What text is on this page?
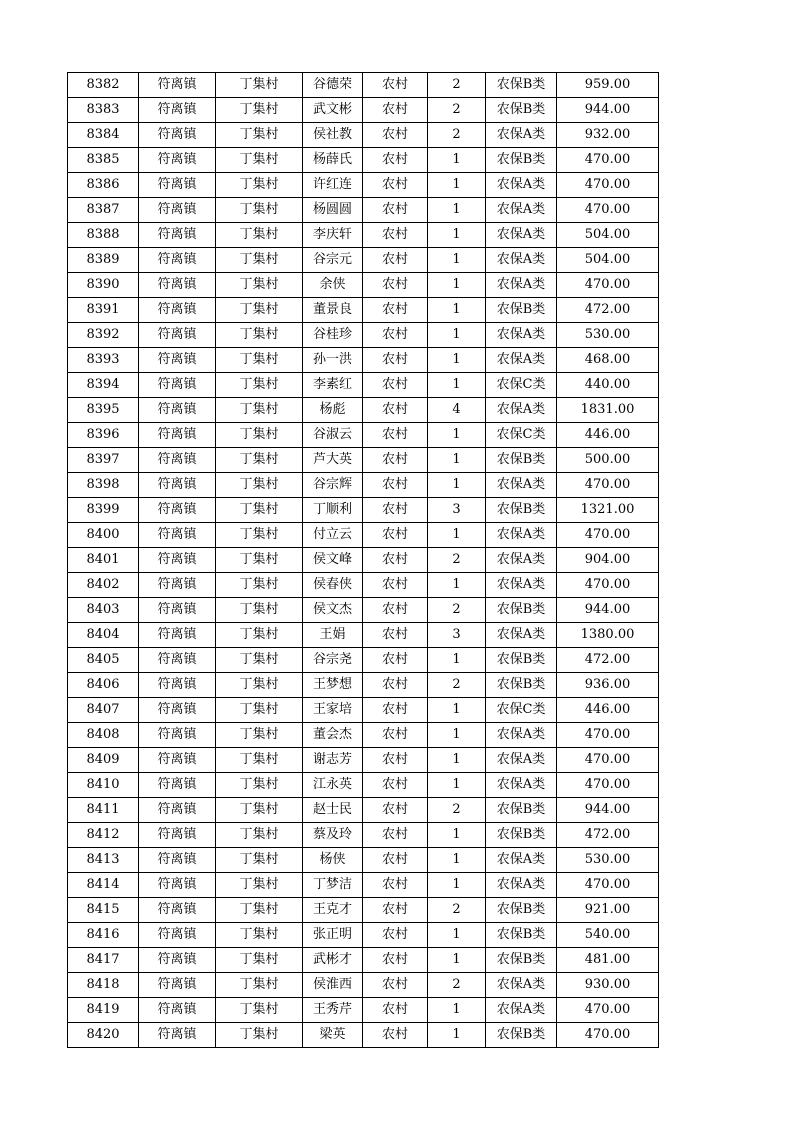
8382	符离镇	丁集村	谷德荣	农村	2	农保B类	959.00
8383	符离镇	丁集村	武文彬	农村	2	农保B类	944.00
8384	符离镇	丁集村	侯社教	农村	2	农保A类	932.00
8385	符离镇	丁集村	杨薛氏	农村	1	农保B类	470.00
8386	符离镇	丁集村	许红连	农村	1	农保A类	470.00
8387	符离镇	丁集村	杨圆圆	农村	1	农保A类	470.00
8388	符离镇	丁集村	李庆轩	农村	1	农保A类	504.00
8389	符离镇	丁集村	谷宗元	农村	1	农保A类	504.00
8390	符离镇	丁集村	余侠	农村	1	农保A类	470.00
8391	符离镇	丁集村	董景良	农村	1	农保B类	472.00
8392	符离镇	丁集村	谷桂珍	农村	1	农保A类	530.00
8393	符离镇	丁集村	孙一洪	农村	1	农保A类	468.00
8394	符离镇	丁集村	李素红	农村	1	农保C类	440.00
8395	符离镇	丁集村	杨彪	农村	4	农保A类	1831.00
8396	符离镇	丁集村	谷淑云	农村	1	农保C类	446.00
8397	符离镇	丁集村	芦大英	农村	1	农保B类	500.00
8398	符离镇	丁集村	谷宗辉	农村	1	农保A类	470.00
8399	符离镇	丁集村	丁顺利	农村	3	农保B类	1321.00
8400	符离镇	丁集村	付立云	农村	1	农保A类	470.00
8401	符离镇	丁集村	侯文峰	农村	2	农保A类	904.00
8402	符离镇	丁集村	侯春侠	农村	1	农保A类	470.00
8403	符离镇	丁集村	侯文杰	农村	2	农保B类	944.00
8404	符离镇	丁集村	王娟	农村	3	农保A类	1380.00
8405	符离镇	丁集村	谷宗尧	农村	1	农保B类	472.00
8406	符离镇	丁集村	王梦想	农村	2	农保B类	936.00
8407	符离镇	丁集村	王家培	农村	1	农保C类	446.00
8408	符离镇	丁集村	董会杰	农村	1	农保A类	470.00
8409	符离镇	丁集村	谢志芳	农村	1	农保A类	470.00
8410	符离镇	丁集村	江永英	农村	1	农保A类	470.00
8411	符离镇	丁集村	赵士民	农村	2	农保B类	944.00
8412	符离镇	丁集村	蔡及玲	农村	1	农保B类	472.00
8413	符离镇	丁集村	杨侠	农村	1	农保A类	530.00
8414	符离镇	丁集村	丁梦洁	农村	1	农保A类	470.00
8415	符离镇	丁集村	王克才	农村	2	农保B类	921.00
8416	符离镇	丁集村	张正明	农村	1	农保B类	540.00
8417	符离镇	丁集村	武彬才	农村	1	农保B类	481.00
8418	符离镇	丁集村	侯淮西	农村	2	农保A类	930.00
8419	符离镇	丁集村	王秀芹	农村	1	农保A类	470.00
8420	符离镇	丁集村	梁英	农村	1	农保B类	470.00
